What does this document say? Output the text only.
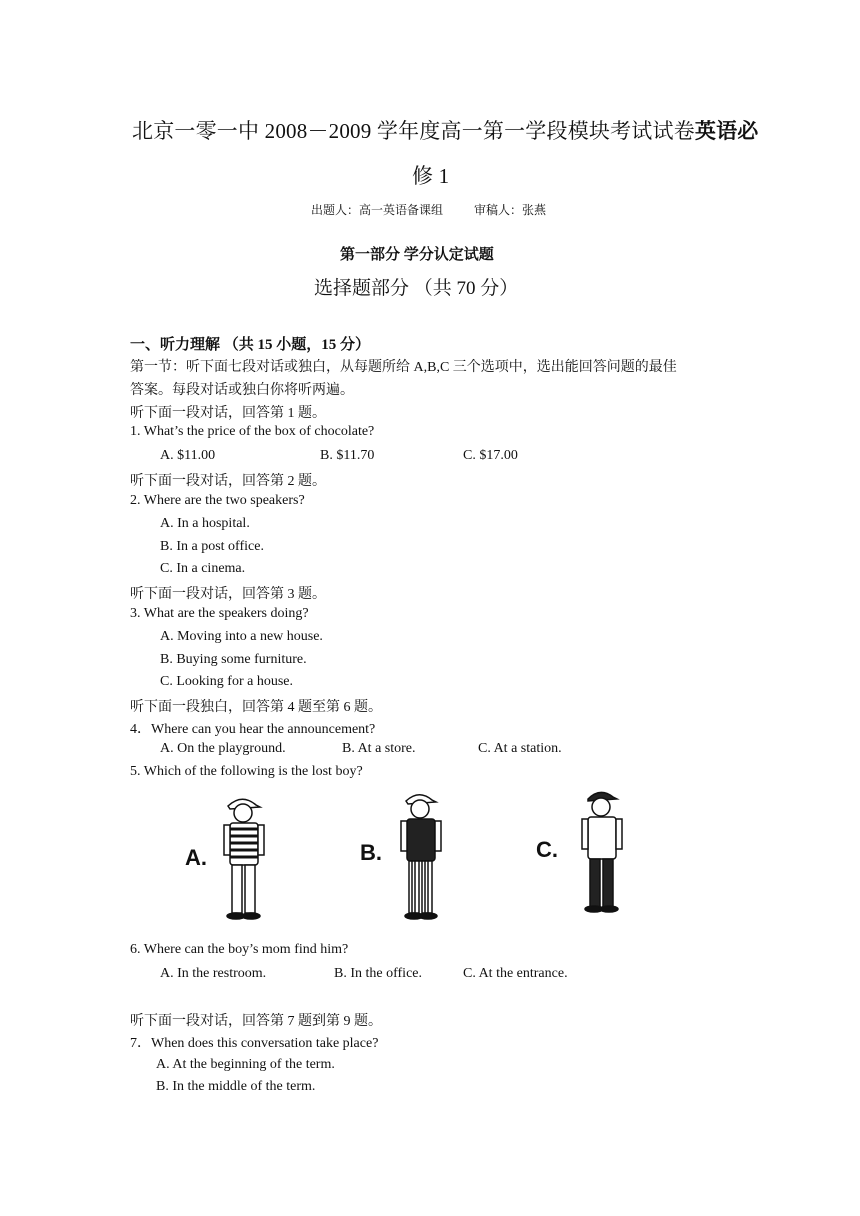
北京一零一中 2008－2009 学年度高一第一学段模块考试试卷英语必
修 1
出题人：高一英语备课组	审稿人：张燕
第一部分 学分认定试题
选择题部分 （共 70 分）
一、听力理解 （共 15 小题，15 分）
第一节：听下面七段对话或独白，从每题所给 A,B,C 三个选项中，选出能回答问题的最佳
答案。每段对话或独白你将听两遍。
听下面一段对话，回答第 1 题。
1. What’s the price of the box of chocolate?
A. $11.00	B. $11.70	C. $17.00
听下面一段对话，回答第 2 题。
2. Where are the two speakers?
A. In a hospital.
B. In a post office.
C. In a cinema.
听下面一段对话，回答第 3 题。
3. What are the speakers doing?
A. Moving into a new house.
B. Buying some furniture.
C. Looking for a house.
听下面一段独白，回答第 4 题至第 6 题。
4．Where can you hear the announcement?
A. On the playground.	B. At a store.	C. At a station.
5. Which of the following is the lost boy?
A.	B.	C.
6. Where can the boy’s mom find him?
A. In the restroom.	B. In the office.	C. At the entrance.
听下面一段对话，回答第 7 题到第 9 题。
7．When does this conversation take place?
A. At the beginning of the term.
B. In the middle of the term.
